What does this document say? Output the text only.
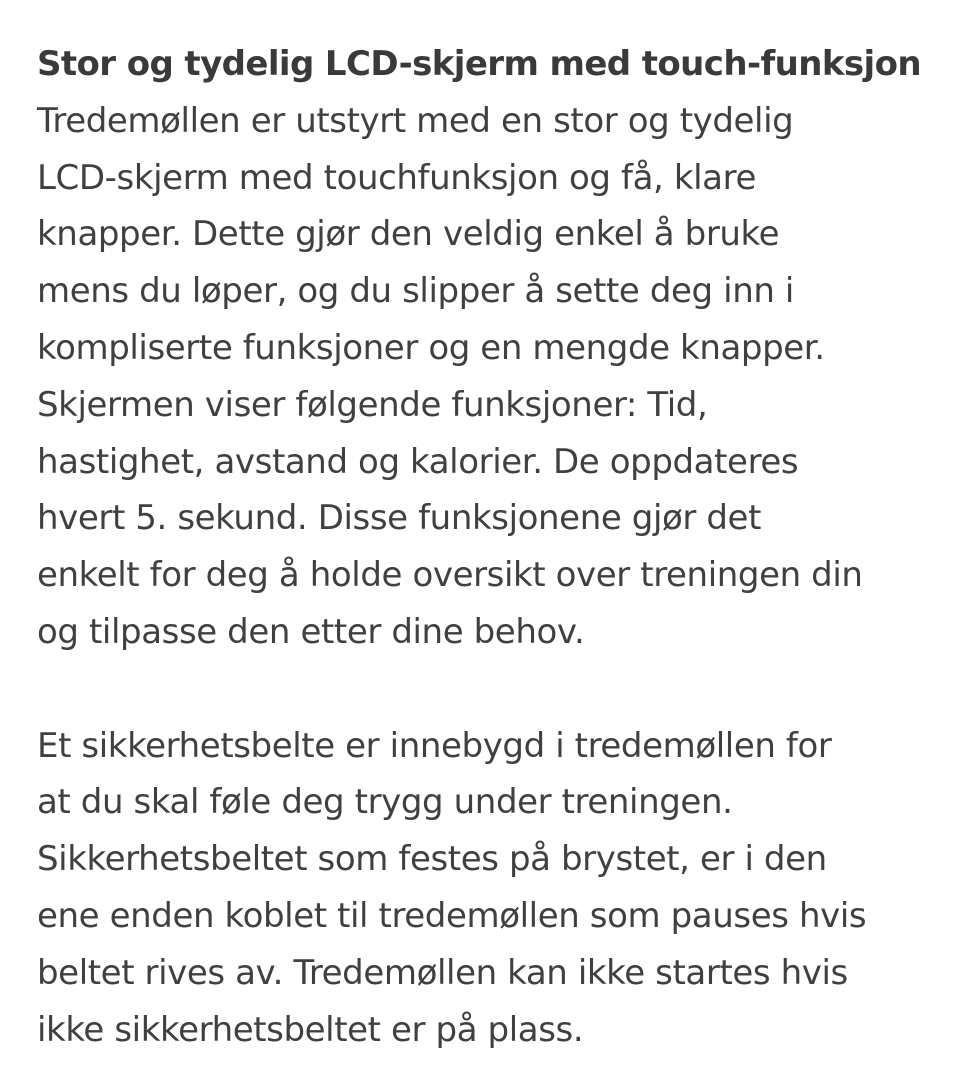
Stor og tydelig LCD-skjerm med touch-funksjon
Tredemøllen er utstyrt med en stor og tydelig
LCD-skjerm med touchfunksjon og få, klare
knapper. Dette gjør den veldig enkel å bruke
mens du løper, og du slipper å sette deg inn i
kompliserte funksjoner og en mengde knapper.
Skjermen viser følgende funksjoner: Tid,
hastighet, avstand og kalorier. De oppdateres
hvert 5. sekund. Disse funksjonene gjør det
enkelt for deg å holde oversikt over treningen din
og tilpasse den etter dine behov.
Et sikkerhetsbelte er innebygd i tredemøllen for
at du skal føle deg trygg under treningen.
Sikkerhetsbeltet som festes på brystet, er i den
ene enden koblet til tredemøllen som pauses hvis
beltet rives av. Tredemøllen kan ikke startes hvis
ikke sikkerhetsbeltet er på plass.
